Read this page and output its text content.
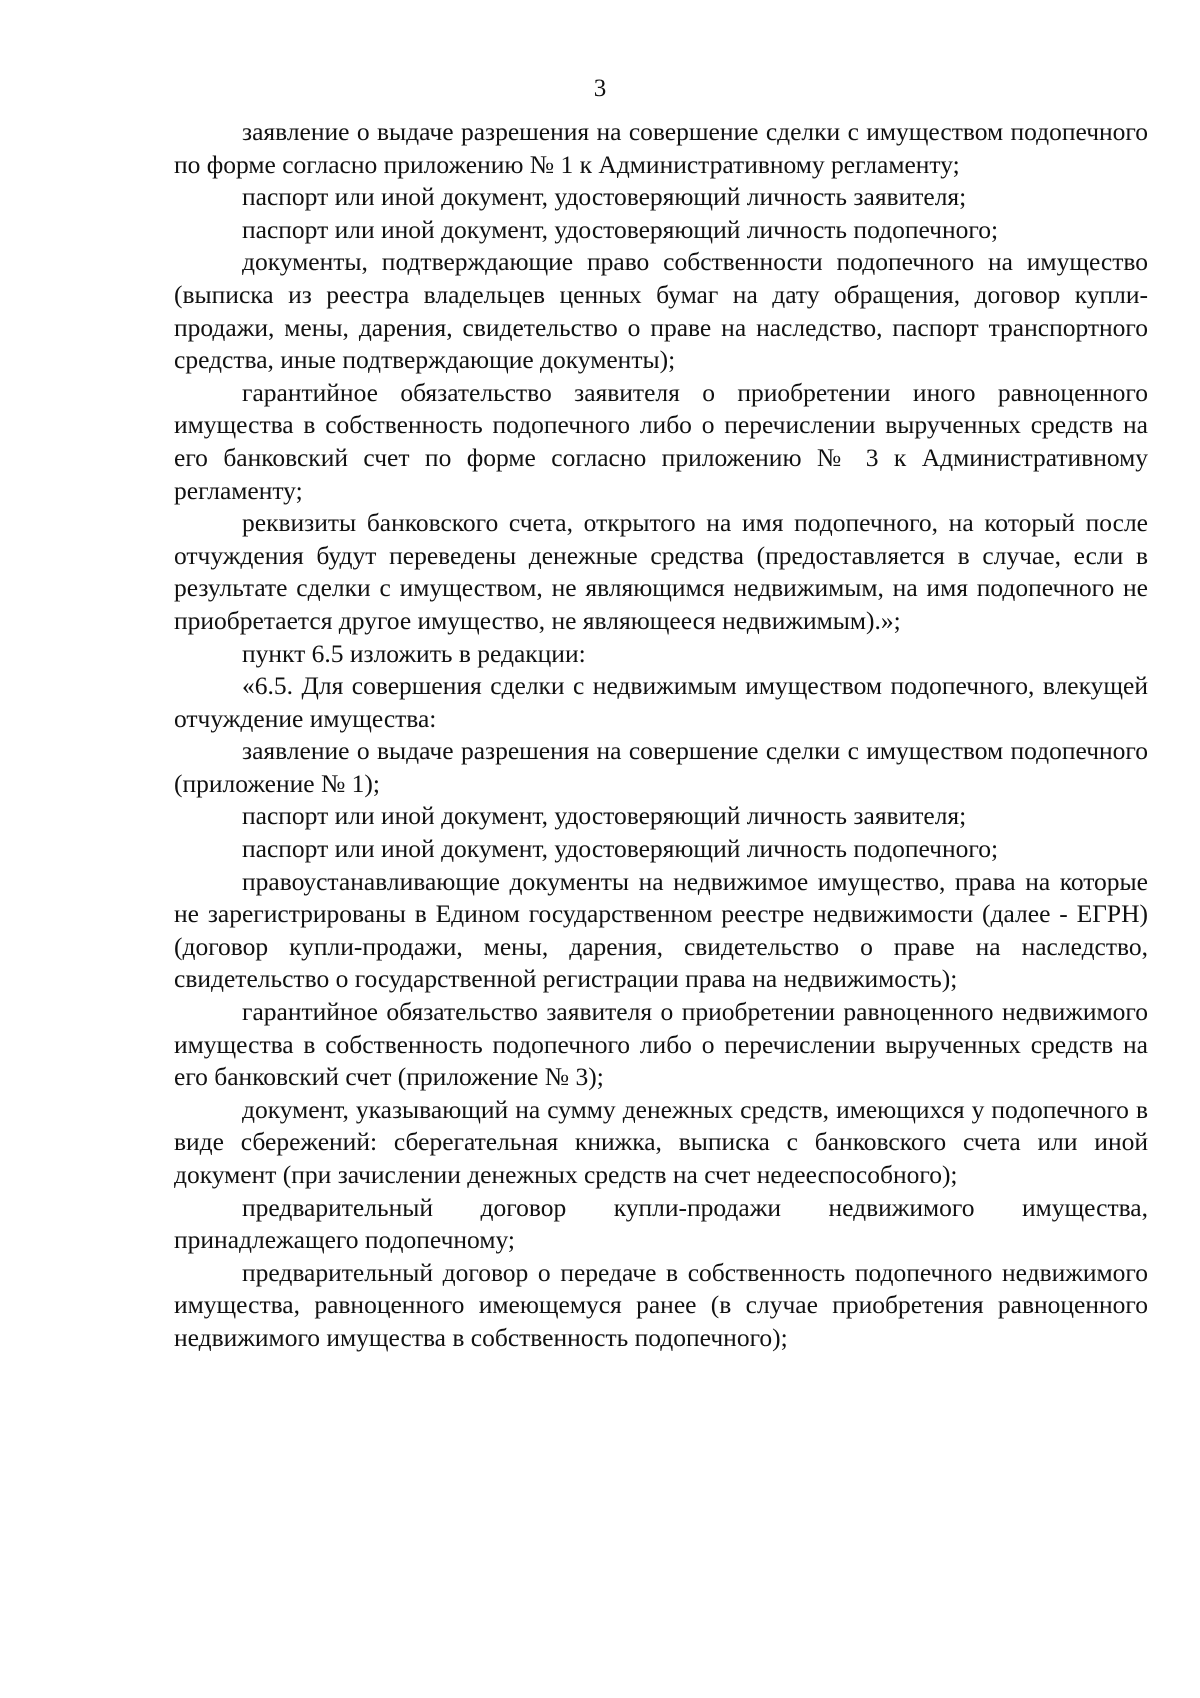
3

заявление о выдаче разрешения на совершение сделки с имуществом подопечного по форме согласно приложению № 1 к Административному регламенту;

паспорт или иной документ, удостоверяющий личность заявителя;

паспорт или иной документ, удостоверяющий личность подопечного;

документы, подтверждающие право собственности подопечного на имущество (выписка из реестра владельцев ценных бумаг на дату обращения, договор купли-продажи, мены, дарения, свидетельство о праве на наследство, паспорт транспортного средства, иные подтверждающие документы);

гарантийное обязательство заявителя о приобретении иного равноценного имущества в собственность подопечного либо о перечислении вырученных средств на его банковский счет по форме согласно приложению № 3 к Административному регламенту;

реквизиты банковского счета, открытого на имя подопечного, на который после отчуждения будут переведены денежные средства (предоставляется в случае, если в результате сделки с имуществом, не являющимся недвижимым, на имя подопечного не приобретается другое имущество, не являющееся недвижимым).»;

пункт 6.5 изложить в редакции:

«6.5. Для совершения сделки с недвижимым имуществом подопечного, влекущей отчуждение имущества:

заявление о выдаче разрешения на совершение сделки с имуществом подопечного (приложение № 1);

паспорт или иной документ, удостоверяющий личность заявителя;

паспорт или иной документ, удостоверяющий личность подопечного;

правоустанавливающие документы на недвижимое имущество, права на которые не зарегистрированы в Едином государственном реестре недвижимости (далее - ЕГРН) (договор купли-продажи, мены, дарения, свидетельство о праве на наследство, свидетельство о государственной регистрации права на недвижимость);

гарантийное обязательство заявителя о приобретении равноценного недвижимого имущества в собственность подопечного либо о перечислении вырученных средств на его банковский счет (приложение № 3);

документ, указывающий на сумму денежных средств, имеющихся у подопечного в виде сбережений: сберегательная книжка, выписка с банковского счета или иной документ (при зачислении денежных средств на счет недееспособного);

предварительный договор купли-продажи недвижимого имущества, принадлежащего подопечному;

предварительный договор о передаче в собственность подопечного недвижимого имущества, равноценного имеющемуся ранее (в случае приобретения равноценного недвижимого имущества в собственность подопечного);
